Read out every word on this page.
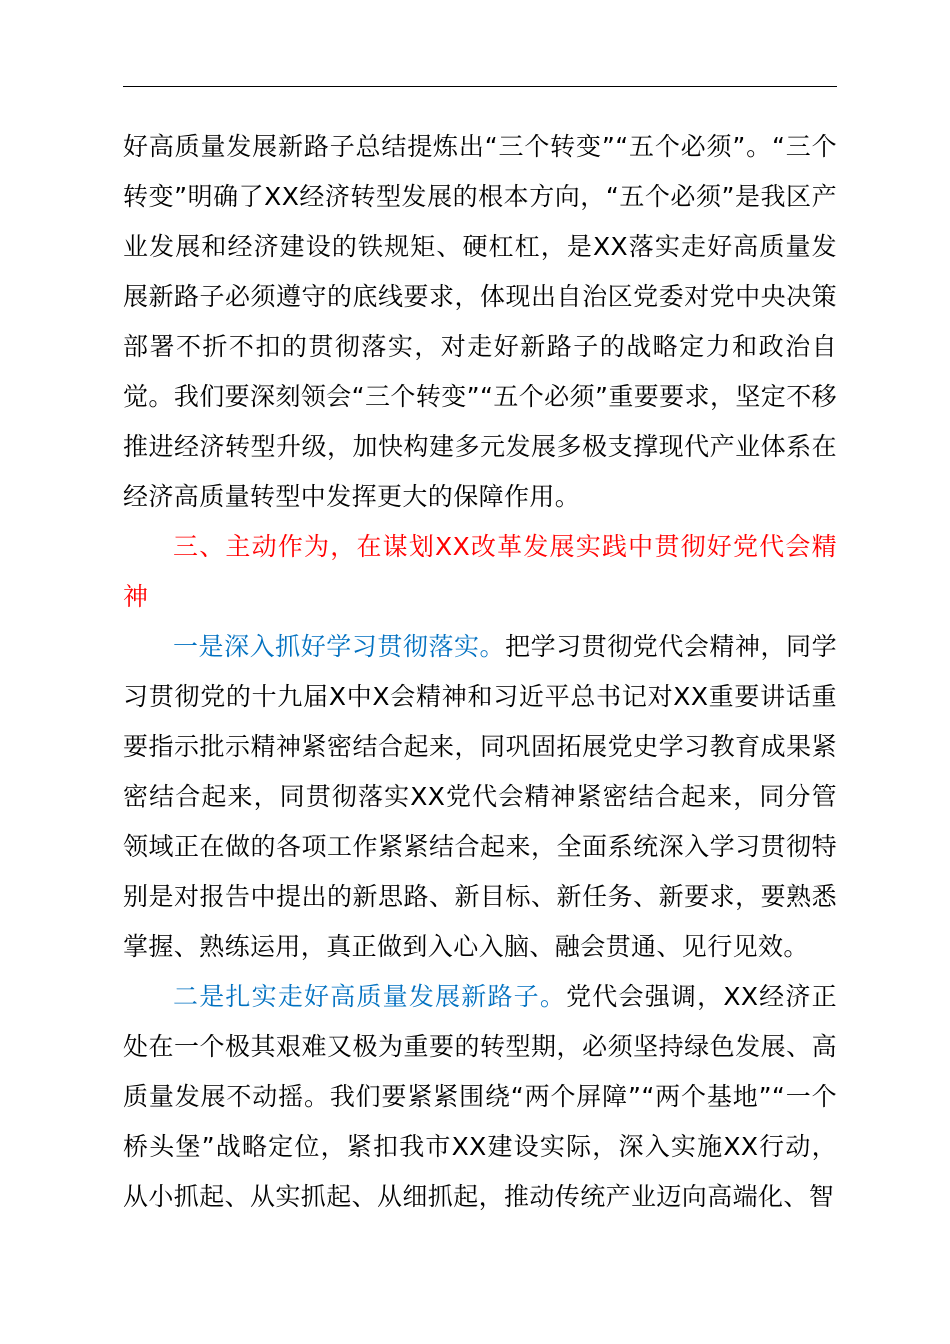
好高质量发展新路子总结提炼出“三个转变”“五个必须”。“三个转变”明确了XX经济转型发展的根本方向，“五个必须”是我区产业发展和经济建设的铁规矩、硬杠杠，是XX落实走好高质量发展新路子必须遵守的底线要求，体现出自治区党委对党中央决策部署不折不扣的贯彻落实，对走好新路子的战略定力和政治自觉。我们要深刻领会“三个转变”“五个必须”重要要求，坚定不移推进经济转型升级，加快构建多元发展多极支撑现代产业体系在经济高质量转型中发挥更大的保障作用。

三、主动作为，在谋划XX改革发展实践中贯彻好党代会精神

一是深入抓好学习贯彻落实。把学习贯彻党代会精神，同学习贯彻党的十九届X中X会精神和习近平总书记对XX重要讲话重要指示批示精神紧密结合起来，同巩固拓展党史学习教育成果紧密结合起来，同贯彻落实XX党代会精神紧密结合起来，同分管领域正在做的各项工作紧紧结合起来，全面系统深入学习贯彻特别是对报告中提出的新思路、新目标、新任务、新要求，要熟悉掌握、熟练运用，真正做到入心入脑、融会贯通、见行见效。

二是扎实走好高质量发展新路子。党代会强调，XX经济正处在一个极其艰难又极为重要的转型期，必须坚持绿色发展、高质量发展不动摇。我们要紧紧围绕“两个屏障”“两个基地”“一个桥头堡”战略定位，紧扣我市XX建设实际，深入实施XX行动，从小抓起、从实抓起、从细抓起，推动传统产业迈向高端化、智
